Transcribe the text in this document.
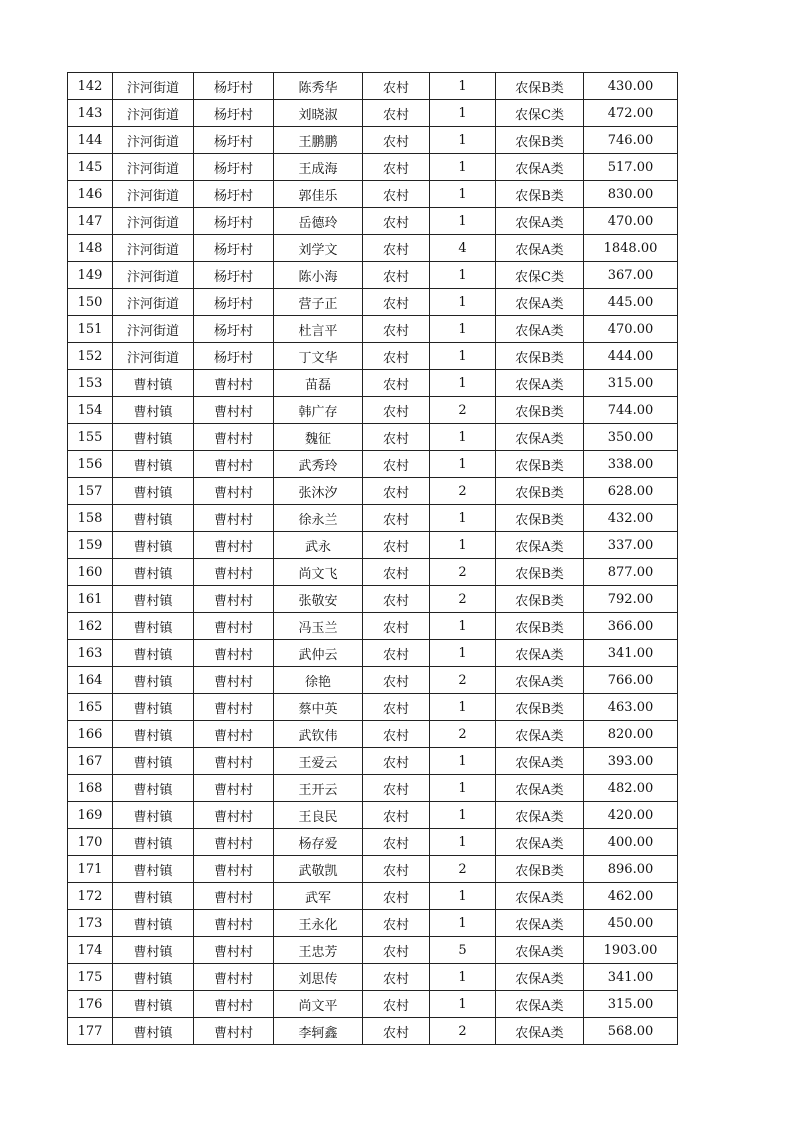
142	汴河街道	杨圩村	陈秀华	农村	1	农保B类	430.00
143	汴河街道	杨圩村	刘晓淑	农村	1	农保C类	472.00
144	汴河街道	杨圩村	王鹏鹏	农村	1	农保B类	746.00
145	汴河街道	杨圩村	王成海	农村	1	农保A类	517.00
146	汴河街道	杨圩村	郭佳乐	农村	1	农保B类	830.00
147	汴河街道	杨圩村	岳德玲	农村	1	农保A类	470.00
148	汴河街道	杨圩村	刘学文	农村	4	农保A类	1848.00
149	汴河街道	杨圩村	陈小海	农村	1	农保C类	367.00
150	汴河街道	杨圩村	营子正	农村	1	农保A类	445.00
151	汴河街道	杨圩村	杜言平	农村	1	农保A类	470.00
152	汴河街道	杨圩村	丁文华	农村	1	农保B类	444.00
153	曹村镇	曹村村	苗磊	农村	1	农保A类	315.00
154	曹村镇	曹村村	韩广存	农村	2	农保B类	744.00
155	曹村镇	曹村村	魏征	农村	1	农保A类	350.00
156	曹村镇	曹村村	武秀玲	农村	1	农保B类	338.00
157	曹村镇	曹村村	张沐汐	农村	2	农保B类	628.00
158	曹村镇	曹村村	徐永兰	农村	1	农保B类	432.00
159	曹村镇	曹村村	武永	农村	1	农保A类	337.00
160	曹村镇	曹村村	尚文飞	农村	2	农保B类	877.00
161	曹村镇	曹村村	张敬安	农村	2	农保B类	792.00
162	曹村镇	曹村村	冯玉兰	农村	1	农保B类	366.00
163	曹村镇	曹村村	武仲云	农村	1	农保A类	341.00
164	曹村镇	曹村村	徐艳	农村	2	农保A类	766.00
165	曹村镇	曹村村	蔡中英	农村	1	农保B类	463.00
166	曹村镇	曹村村	武钦伟	农村	2	农保A类	820.00
167	曹村镇	曹村村	王爱云	农村	1	农保A类	393.00
168	曹村镇	曹村村	王开云	农村	1	农保A类	482.00
169	曹村镇	曹村村	王良民	农村	1	农保A类	420.00
170	曹村镇	曹村村	杨存爱	农村	1	农保A类	400.00
171	曹村镇	曹村村	武敬凯	农村	2	农保B类	896.00
172	曹村镇	曹村村	武军	农村	1	农保A类	462.00
173	曹村镇	曹村村	王永化	农村	1	农保A类	450.00
174	曹村镇	曹村村	王忠芳	农村	5	农保A类	1903.00
175	曹村镇	曹村村	刘思传	农村	1	农保A类	341.00
176	曹村镇	曹村村	尚文平	农村	1	农保A类	315.00
177	曹村镇	曹村村	李轲鑫	农村	2	农保A类	568.00
